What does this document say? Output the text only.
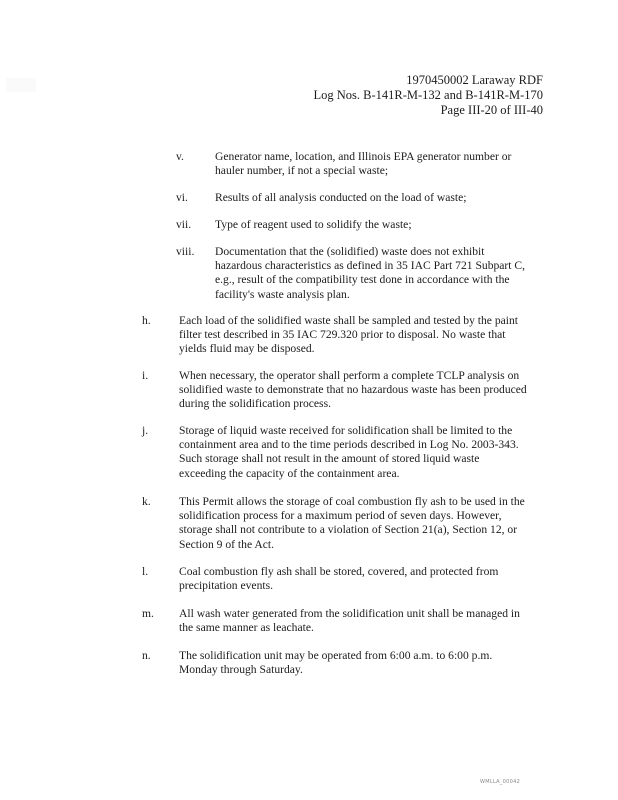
1970450002 Laraway RDF
Log Nos. B-141R-M-132 and B-141R-M-170
Page III-20 of III-40
v.	Generator name, location, and Illinois EPA generator number or
hauler number, if not a special waste;
vi. Results of all analysis conducted on the load of waste;
vii. Type of reagent used to solidify the waste;
viii. Documentation that the (solidified) waste does not exhibit
hazardous characteristics as defined in 35 IAC Part 721 Subpart C,
e.g., result of the compatibility test done in accordance with the
facility's waste analysis plan.
h. Each load of the solidified waste shall be sampled and tested by the paint
filter test described in 35 IAC 729.320 prior to disposal. No waste that
yields fluid may be disposed.
i.	When necessary, the operator shall perform a complete TCLP analysis on
solidified waste to demonstrate that no hazardous waste has been produced
during the solidification process.
j.	Storage of liquid waste received for solidification shall be limited to the
containment area and to the time periods described in Log No. 2003-343.
Such storage shall not result in the amount of stored liquid waste
exceeding the capacity of the containment area.
k. This Permit allows the storage of coal combustion fly ash to be used in the
solidification process for a maximum period of seven days. However,
storage shall not contribute to a violation of Section 21(a), Section 12, or
Section 9 of the Act.
l.	Coal combustion fly ash shall be stored, covered, and protected from
precipitation events.
m. All wash water generated from the solidification unit shall be managed in
the same manner as leachate.
n. The solidification unit may be operated from 6:00 a.m. to 6:00 p.m.
Monday through Saturday.
WMLLA_00042
